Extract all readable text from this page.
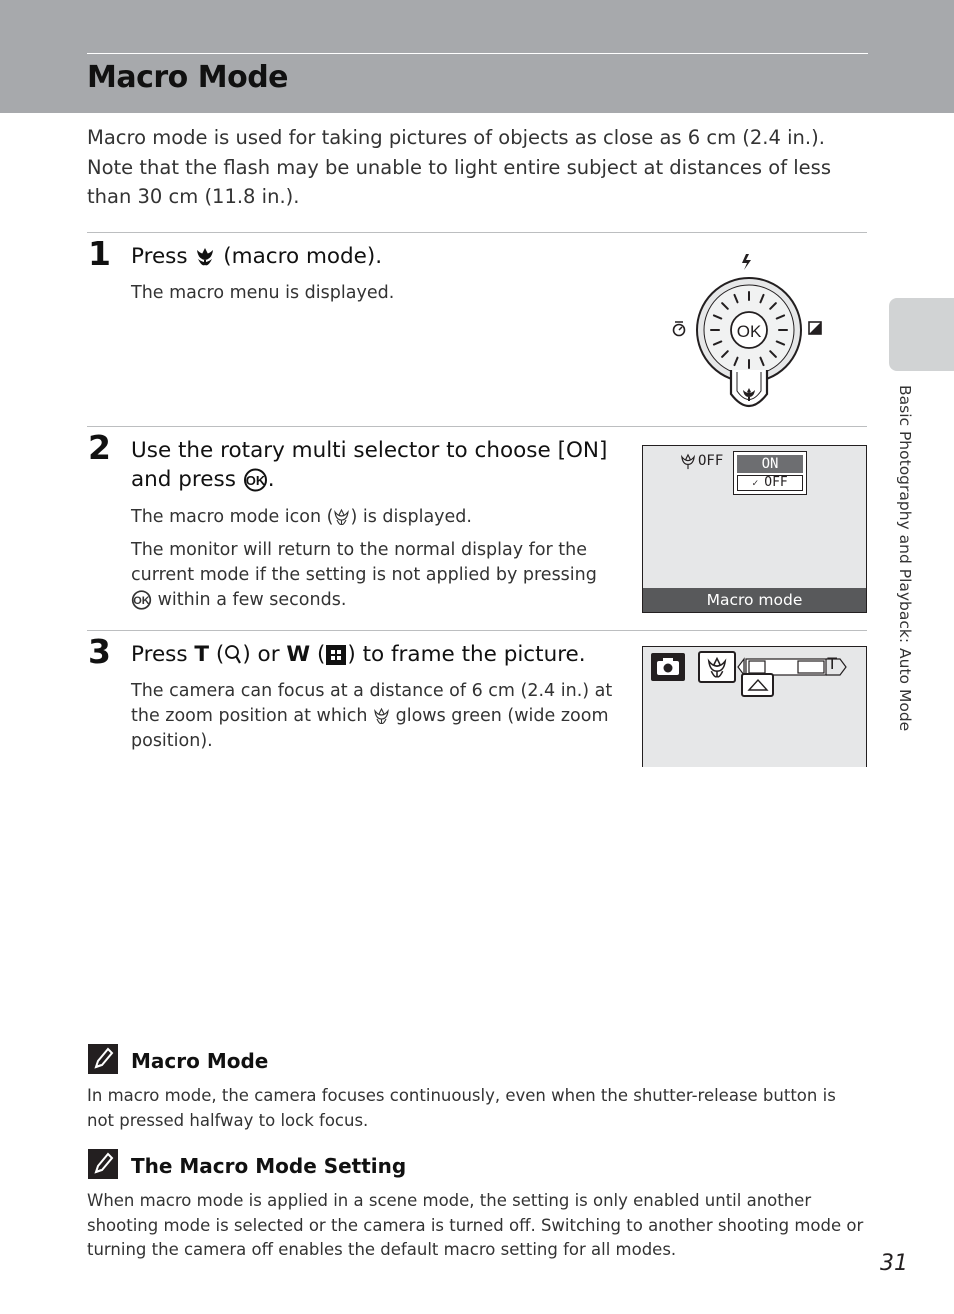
Macro Mode
Macro mode is used for taking pictures of objects as close as 6 cm (2.4 in.). Note that the flash may be unable to light entire subject at distances of less than 30 cm (11.8 in.).
1 Press  (macro mode).
The macro menu is displayed.
OK
2 Use the rotary multi selector to choose [ON] and press OK .
The macro mode icon ( ) is displayed.
The monitor will return to the normal display for the current mode if the setting is not applied by pressing
OK within a few seconds.
OFF	ON
✓ OFF
Macro mode
3 Press T ( ) or W ( ) to frame the picture.
The camera can focus at a distance of 6 cm (2.4 in.) at the zoom position at which  glows green (wide zoom position).
T	Basic Photography and Playback: Auto Mode
Macro Mode
In macro mode, the camera focuses continuously, even when the shutter-release button is not pressed halfway to lock focus.
The Macro Mode Setting
When macro mode is applied in a scene mode, the setting is only enabled until another shooting mode is selected or the camera is turned off. Switching to another shooting mode or turning the camera off enables the default macro setting for all modes.
31
